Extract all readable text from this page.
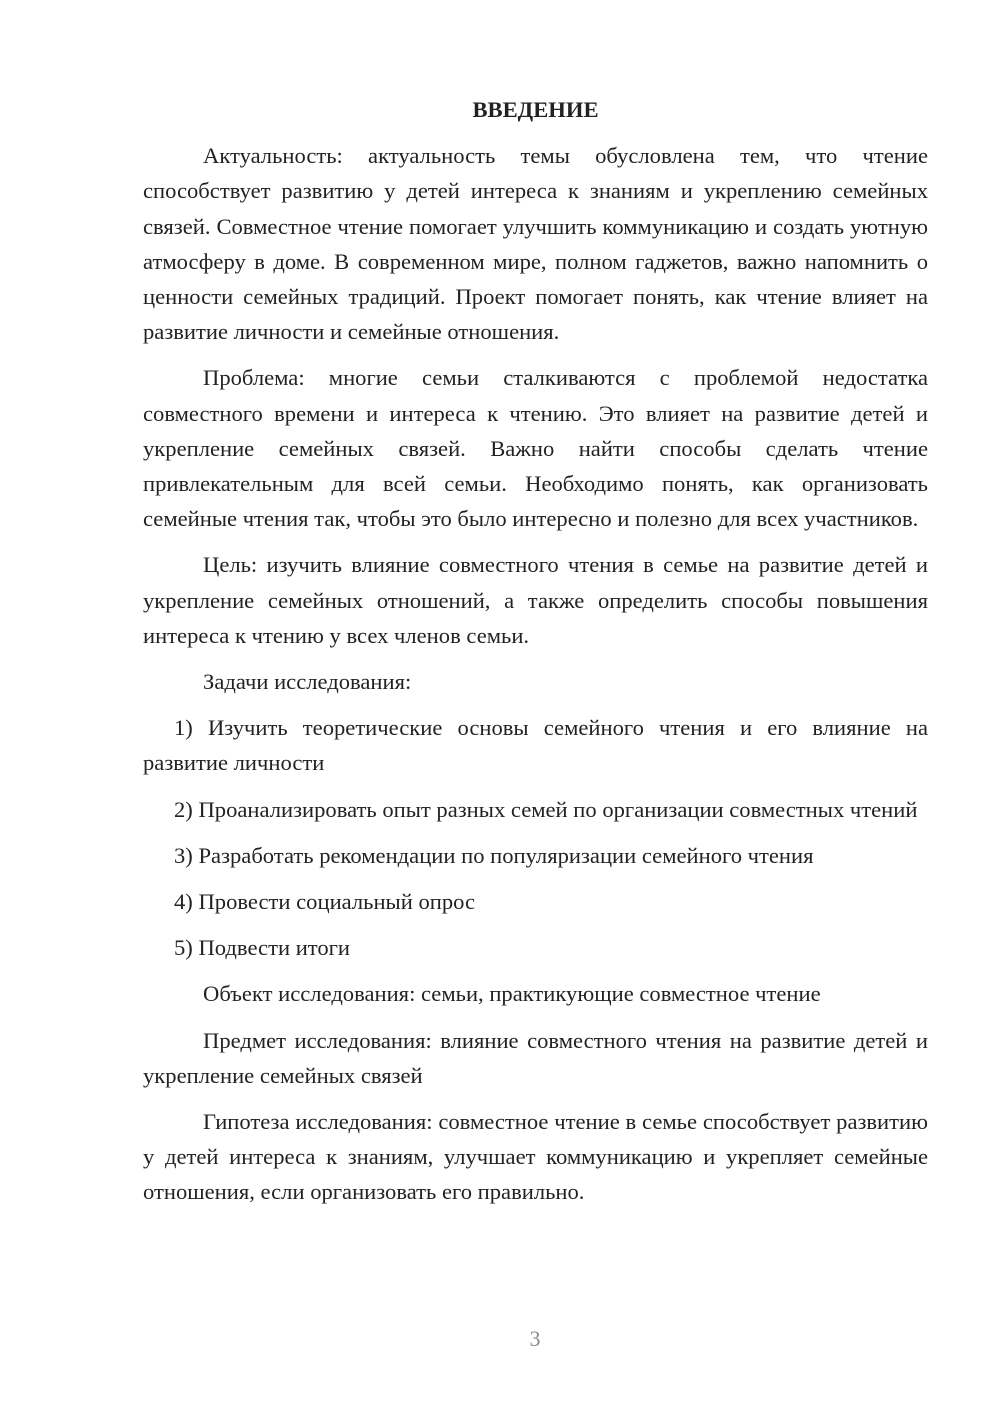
ВВЕДЕНИЕ

Актуальность: актуальность темы обусловлена тем, что чтение способствует развитию у детей интереса к знаниям и укреплению семейных связей. Совместное чтение помогает улучшить коммуникацию и создать уютную атмосферу в доме. В современном мире, полном гаджетов, важно напомнить о ценности семейных традиций. Проект помогает понять, как чтение влияет на развитие личности и семейные отношения.

Проблема: многие семьи сталкиваются с проблемой недостатка совместного времени и интереса к чтению. Это влияет на развитие детей и укрепление семейных связей. Важно найти способы сделать чтение привлекательным для всей семьи. Необходимо понять, как организовать семейные чтения так, чтобы это было интересно и полезно для всех участников.

Цель: изучить влияние совместного чтения в семье на развитие детей и укрепление семейных отношений, а также определить способы повышения интереса к чтению у всех членов семьи.

Задачи исследования:

1) Изучить теоретические основы семейного чтения и его влияние на развитие личности

2) Проанализировать опыт разных семей по организации совместных чтений

3) Разработать рекомендации по популяризации семейного чтения

4) Провести социальный опрос

5) Подвести итоги

Объект исследования: семьи, практикующие совместное чтение

Предмет исследования: влияние совместного чтения на развитие детей и укрепление семейных связей

Гипотеза исследования: совместное чтение в семье способствует развитию у детей интереса к знаниям, улучшает коммуникацию и укрепляет семейные отношения, если организовать его правильно.

3
